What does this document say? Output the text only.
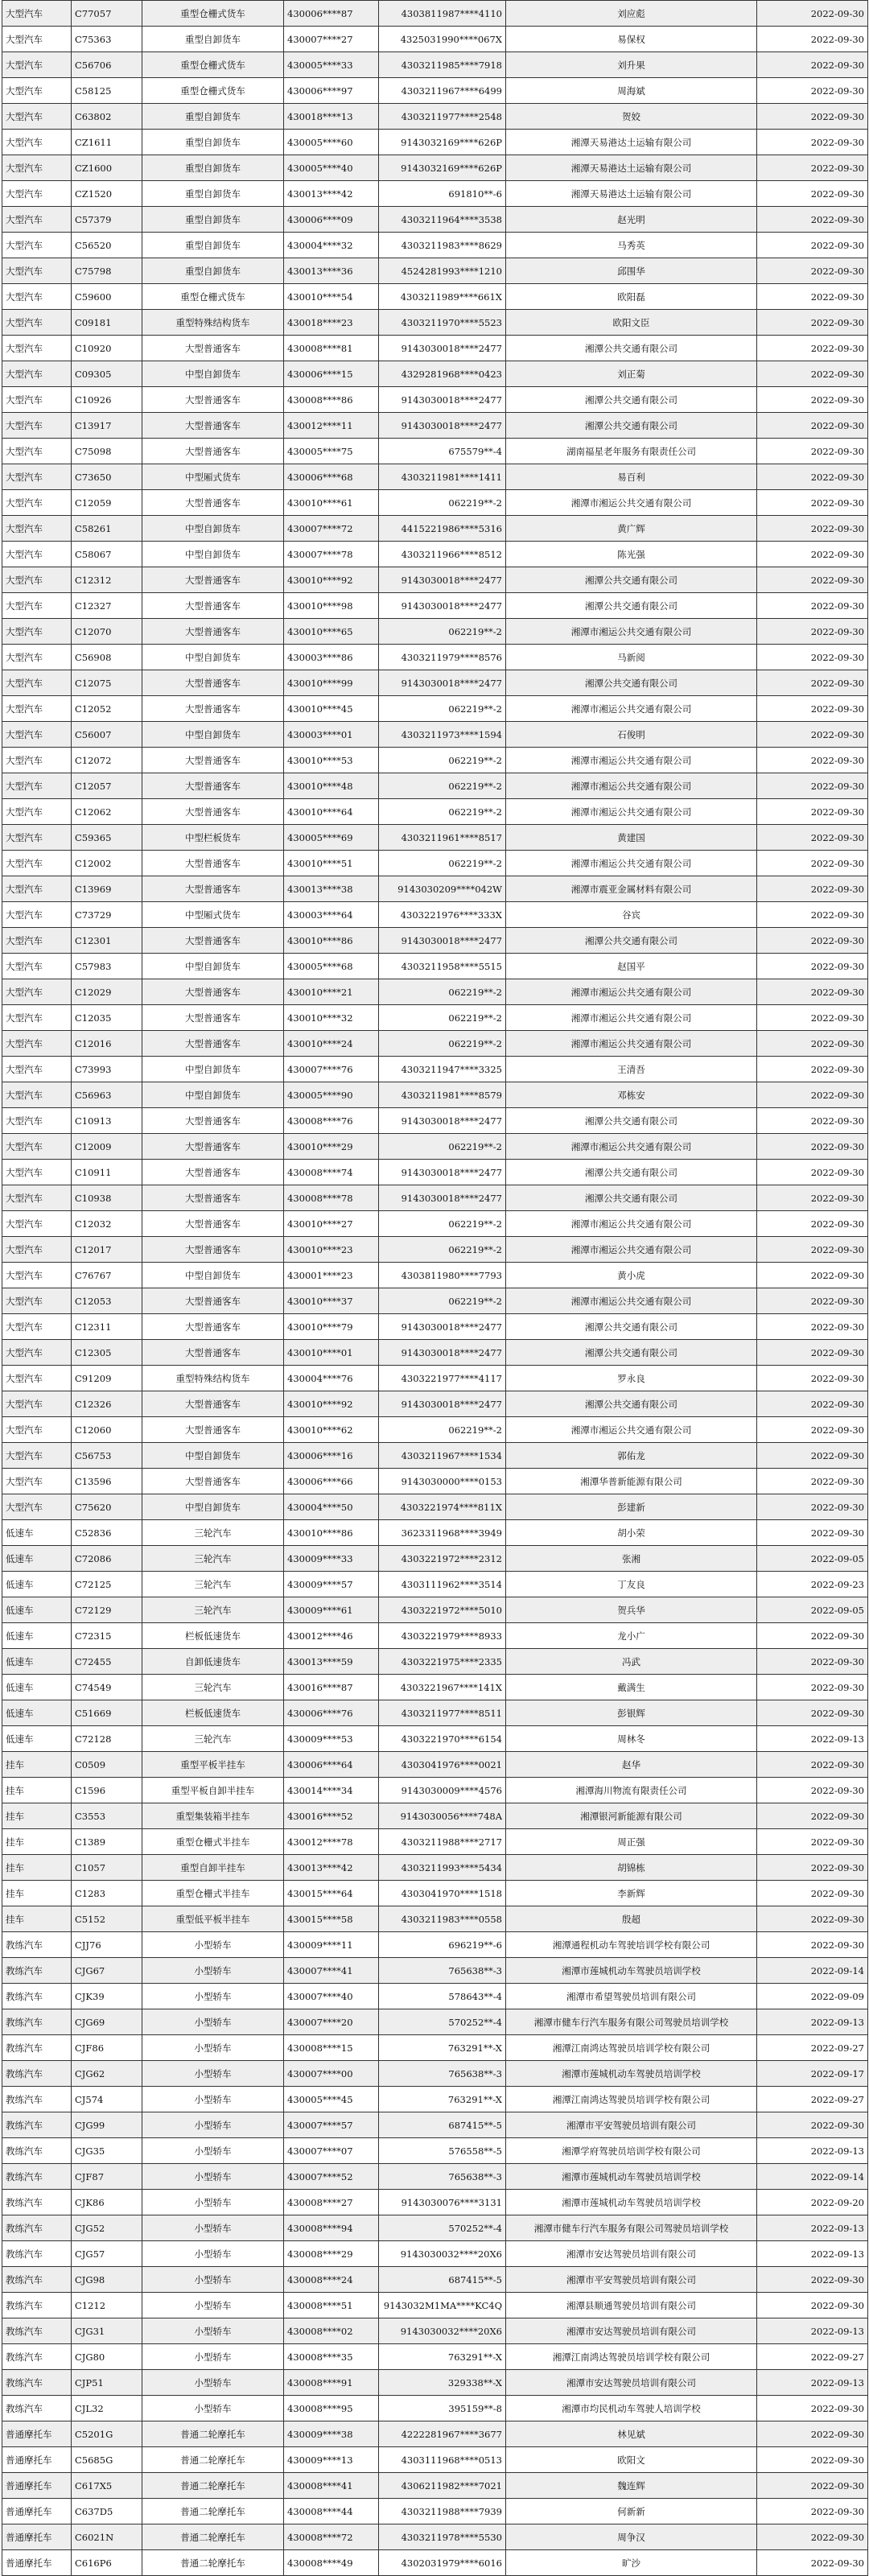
大型汽车	C77057	重型仓栅式货车	430006****87	4303811987****4110	刘应彪	2022-09-30
大型汽车	C75363	重型自卸货车	430007****27	4325031990****067X	易保权	2022-09-30
大型汽车	C56706	重型仓栅式货车	430005****33	4303211985****7918	刘升果	2022-09-30
大型汽车	C58125	重型仓栅式货车	430006****97	4303211967****6499	周海斌	2022-09-30
大型汽车	C63802	重型自卸货车	430018****13	4303211977****2548	贺姣	2022-09-30
大型汽车	CZ1611	重型自卸货车	430005****60	9143032169****626P	湘潭天易港达土运输有限公司	2022-09-30
大型汽车	CZ1600	重型自卸货车	430005****40	9143032169****626P	湘潭天易港达土运输有限公司	2022-09-30
大型汽车	CZ1520	重型自卸货车	430013****42	691810**-6	湘潭天易港达土运输有限公司	2022-09-30
大型汽车	C57379	重型自卸货车	430006****09	4303211964****3538	赵光明	2022-09-30
大型汽车	C56520	重型自卸货车	430004****32	4303211983****8629	马秀英	2022-09-30
大型汽车	C75798	重型自卸货车	430013****36	4524281993****1210	邱围华	2022-09-30
大型汽车	C59600	重型仓栅式货车	430010****54	4303211989****661X	欧阳磊	2022-09-30
大型汽车	C09181	重型特殊结构货车	430018****23	4303211970****5523	欧阳文臣	2022-09-30
大型汽车	C10920	大型普通客车	430008****81	9143030018****2477	湘潭公共交通有限公司	2022-09-30
大型汽车	C09305	中型自卸货车	430006****15	4329281968****0423	刘正菊	2022-09-30
大型汽车	C10926	大型普通客车	430008****86	9143030018****2477	湘潭公共交通有限公司	2022-09-30
大型汽车	C13917	大型普通客车	430012****11	9143030018****2477	湘潭公共交通有限公司	2022-09-30
大型汽车	C75098	大型普通客车	430005****75	675579**-4	湖南福星老年服务有限责任公司	2022-09-30
大型汽车	C73650	中型厢式货车	430006****68	4303211981****1411	易百利	2022-09-30
大型汽车	C12059	大型普通客车	430010****61	062219**-2	湘潭市湘运公共交通有限公司	2022-09-30
大型汽车	C58261	中型自卸货车	430007****72	4415221986****5316	黄广辉	2022-09-30
大型汽车	C58067	中型自卸货车	430007****78	4303211966****8512	陈光强	2022-09-30
大型汽车	C12312	大型普通客车	430010****92	9143030018****2477	湘潭公共交通有限公司	2022-09-30
大型汽车	C12327	大型普通客车	430010****98	9143030018****2477	湘潭公共交通有限公司	2022-09-30
大型汽车	C12070	大型普通客车	430010****65	062219**-2	湘潭市湘运公共交通有限公司	2022-09-30
大型汽车	C56908	中型自卸货车	430003****86	4303211979****8576	马新阅	2022-09-30
大型汽车	C12075	大型普通客车	430010****99	9143030018****2477	湘潭公共交通有限公司	2022-09-30
大型汽车	C12052	大型普通客车	430010****45	062219**-2	湘潭市湘运公共交通有限公司	2022-09-30
大型汽车	C56007	中型自卸货车	430003****01	4303211973****1594	石俊明	2022-09-30
大型汽车	C12072	大型普通客车	430010****53	062219**-2	湘潭市湘运公共交通有限公司	2022-09-30
大型汽车	C12057	大型普通客车	430010****48	062219**-2	湘潭市湘运公共交通有限公司	2022-09-30
大型汽车	C12062	大型普通客车	430010****64	062219**-2	湘潭市湘运公共交通有限公司	2022-09-30
大型汽车	C59365	中型栏板货车	430005****69	4303211961****8517	黄建国	2022-09-30
大型汽车	C12002	大型普通客车	430010****51	062219**-2	湘潭市湘运公共交通有限公司	2022-09-30
大型汽车	C13969	大型普通客车	430013****38	9143030209****042W	湘潭市震亚金属材料有限公司	2022-09-30
大型汽车	C73729	中型厢式货车	430003****64	4303221976****333X	谷宾	2022-09-30
大型汽车	C12301	大型普通客车	430010****86	9143030018****2477	湘潭公共交通有限公司	2022-09-30
大型汽车	C57983	中型自卸货车	430005****68	4303211958****5515	赵国平	2022-09-30
大型汽车	C12029	大型普通客车	430010****21	062219**-2	湘潭市湘运公共交通有限公司	2022-09-30
大型汽车	C12035	大型普通客车	430010****32	062219**-2	湘潭市湘运公共交通有限公司	2022-09-30
大型汽车	C12016	大型普通客车	430010****24	062219**-2	湘潭市湘运公共交通有限公司	2022-09-30
大型汽车	C73993	中型自卸货车	430007****76	4303211947****3325	王清吾	2022-09-30
大型汽车	C56963	中型自卸货车	430005****90	4303211981****8579	邓栋安	2022-09-30
大型汽车	C10913	大型普通客车	430008****76	9143030018****2477	湘潭公共交通有限公司	2022-09-30
大型汽车	C12009	大型普通客车	430010****29	062219**-2	湘潭市湘运公共交通有限公司	2022-09-30
大型汽车	C10911	大型普通客车	430008****74	9143030018****2477	湘潭公共交通有限公司	2022-09-30
大型汽车	C10938	大型普通客车	430008****78	9143030018****2477	湘潭公共交通有限公司	2022-09-30
大型汽车	C12032	大型普通客车	430010****27	062219**-2	湘潭市湘运公共交通有限公司	2022-09-30
大型汽车	C12017	大型普通客车	430010****23	062219**-2	湘潭市湘运公共交通有限公司	2022-09-30
大型汽车	C76767	中型自卸货车	430001****23	4303811980****7793	黄小虎	2022-09-30
大型汽车	C12053	大型普通客车	430010****37	062219**-2	湘潭市湘运公共交通有限公司	2022-09-30
大型汽车	C12311	大型普通客车	430010****79	9143030018****2477	湘潭公共交通有限公司	2022-09-30
大型汽车	C12305	大型普通客车	430010****01	9143030018****2477	湘潭公共交通有限公司	2022-09-30
大型汽车	C91209	重型特殊结构货车	430004****76	4303221977****4117	罗永良	2022-09-30
大型汽车	C12326	大型普通客车	430010****92	9143030018****2477	湘潭公共交通有限公司	2022-09-30
大型汽车	C12060	大型普通客车	430010****62	062219**-2	湘潭市湘运公共交通有限公司	2022-09-30
大型汽车	C56753	中型自卸货车	430006****16	4303211967****1534	郭佑龙	2022-09-30
大型汽车	C13596	大型普通客车	430006****66	9143030000****0153	湘潭华普新能源有限公司	2022-09-30
大型汽车	C75620	中型自卸货车	430004****50	4303221974****811X	彭建新	2022-09-30
低速车	C52836	三轮汽车	430010****86	3623311968****3949	胡小荣	2022-09-30
低速车	C72086	三轮汽车	430009****33	4303221972****2312	张湘	2022-09-05
低速车	C72125	三轮汽车	430009****57	4303111962****3514	丁友良	2022-09-23
低速车	C72129	三轮汽车	430009****61	4303221972****5010	贺兵华	2022-09-05
低速车	C72315	栏板低速货车	430012****46	4303221979****8933	龙小广	2022-09-30
低速车	C72455	自卸低速货车	430013****59	4303221975****2335	冯武	2022-09-30
低速车	C74549	三轮汽车	430016****87	4303221967****141X	戴满生	2022-09-30
低速车	C51669	栏板低速货车	430006****76	4303211977****8511	彭银辉	2022-09-30
低速车	C72128	三轮汽车	430009****53	4303221970****6154	周林冬	2022-09-13
挂车	C0509	重型平板半挂车	430006****64	4303041976****0021	赵华	2022-09-30
挂车	C1596	重型平板自卸半挂车	430014****34	9143030009****4576	湘潭海川物流有限责任公司	2022-09-30
挂车	C3553	重型集装箱半挂车	430016****52	9143030056****748A	湘潭银河新能源有限公司	2022-09-30
挂车	C1389	重型仓栅式半挂车	430012****78	4303211988****2717	周正强	2022-09-30
挂车	C1057	重型自卸半挂车	430013****42	4303211993****5434	胡锦栋	2022-09-30
挂车	C1283	重型仓栅式半挂车	430015****64	4303041970****1518	李新辉	2022-09-30
挂车	C5152	重型低平板半挂车	430015****58	4303211983****0558	殷超	2022-09-30
教练汽车	CJJ76	小型轿车	430009****11	696219**-6	湘潭通程机动车驾驶培训学校有限公司	2022-09-30
教练汽车	CJG67	小型轿车	430007****41	765638**-3	湘潭市莲城机动车驾驶员培训学校	2022-09-14
教练汽车	CJK39	小型轿车	430007****40	578643**-4	湘潭市希望驾驶员培训有限公司	2022-09-09
教练汽车	CJG69	小型轿车	430007****20	570252**-4	湘潭市健车行汽车服务有限公司驾驶员培训学校	2022-09-13
教练汽车	CJF86	小型轿车	430008****15	763291**-X	湘潭江南鸿达驾驶员培训学校有限公司	2022-09-27
教练汽车	CJG62	小型轿车	430007****00	765638**-3	湘潭市莲城机动车驾驶员培训学校	2022-09-17
教练汽车	CJ574	小型轿车	430005****45	763291**-X	湘潭江南鸿达驾驶员培训学校有限公司	2022-09-27
教练汽车	CJG99	小型轿车	430007****57	687415**-5	湘潭市平安驾驶员培训有限公司	2022-09-30
教练汽车	CJG35	小型轿车	430007****07	576558**-5	湘潭学府驾驶员培训学校有限公司	2022-09-13
教练汽车	CJF87	小型轿车	430007****52	765638**-3	湘潭市莲城机动车驾驶员培训学校	2022-09-14
教练汽车	CJK86	小型轿车	430008****27	9143030076****3131	湘潭市莲城机动车驾驶员培训学校	2022-09-20
教练汽车	CJG52	小型轿车	430008****94	570252**-4	湘潭市健车行汽车服务有限公司驾驶员培训学校	2022-09-13
教练汽车	CJG57	小型轿车	430008****29	9143030032****20X6	湘潭市安达驾驶员培训有限公司	2022-09-13
教练汽车	CJG98	小型轿车	430008****24	687415**-5	湘潭市平安驾驶员培训有限公司	2022-09-30
教练汽车	C1212	小型轿车	430008****51	9143032M1MA****KC4Q	湘潭县顺通驾驶员培训有限公司	2022-09-30
教练汽车	CJG31	小型轿车	430008****02	9143030032****20X6	湘潭市安达驾驶员培训有限公司	2022-09-13
教练汽车	CJG80	小型轿车	430008****35	763291**-X	湘潭江南鸿达驾驶员培训学校有限公司	2022-09-27
教练汽车	CJP51	小型轿车	430008****91	329338**-X	湘潭市安达驾驶员培训有限公司	2022-09-13
教练汽车	CJL32	小型轿车	430008****95	395159**-8	湘潭市均民机动车驾驶人培训学校	2022-09-30
普通摩托车	C5201G	普通二轮摩托车	430009****38	4222281967****3677	林见斌	2022-09-30
普通摩托车	C5685G	普通二轮摩托车	430009****13	4303111968****0513	欧阳文	2022-09-30
普通摩托车	C617X5	普通二轮摩托车	430008****41	4306211982****7021	魏连辉	2022-09-30
普通摩托车	C637D5	普通二轮摩托车	430008****44	4303211988****7939	何新新	2022-09-30
普通摩托车	C6021N	普通二轮摩托车	430008****72	4303211978****5530	周争汉	2022-09-30
普通摩托车	C616P6	普通二轮摩托车	430008****49	4302031979****6016	旷沙	2022-09-30
